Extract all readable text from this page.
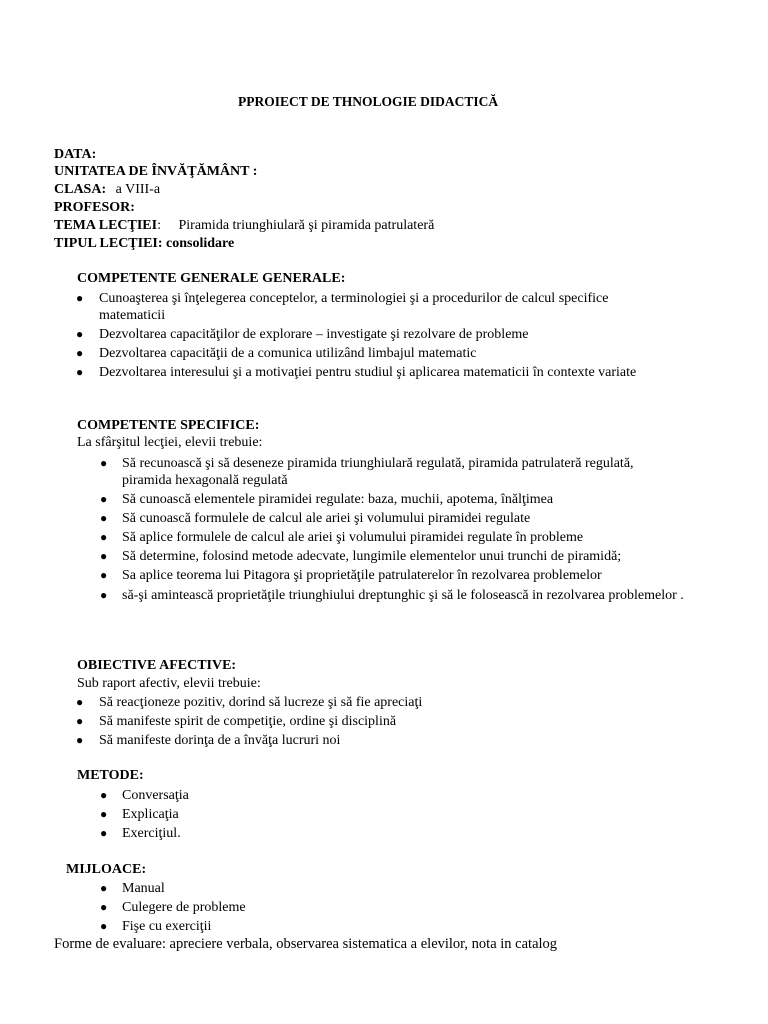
PPROIECT DE THNOLOGIE DIDACTICĂ
DATA:
UNITATEA DE ÎNVĂŢĂMÂNT :
CLASA: a VIII-a
PROFESOR:
TEMA LECŢIEI: Piramida triunghiulară şi piramida patrulateră
TIPUL LECŢIEI: consolidare
COMPETENTE GENERALE GENERALE:
● Cunoaşterea şi înţelegerea conceptelor, a terminologiei şi a procedurilor de calcul specifice
matematicii
● Dezvoltarea capacităţilor de explorare – investigate şi rezolvare de probleme
● Dezvoltarea capacităţii de a comunica utilizând limbajul matematic
● Dezvoltarea interesului şi a motivaţiei pentru studiul şi aplicarea matematicii în contexte variate
COMPETENTE SPECIFICE:
La sfârşitul lecţiei, elevii trebuie:
● Să recunoască şi să deseneze piramida triunghiulară regulată, piramida patrulateră regulată,
piramida hexagonală regulată
● Să cunoască elementele piramidei regulate: baza, muchii, apotema, înălţimea
● Să cunoască formulele de calcul ale ariei şi volumului piramidei regulate
● Să aplice formulele de calcul ale ariei şi volumului piramidei regulate în probleme
● Să determine, folosind metode adecvate, lungimile elementelor unui trunchi de piramidă;
● Sa aplice teorema lui Pitagora şi proprietăţile patrulaterelor în rezolvarea problemelor
● să-şi amintească proprietăţile triunghiului dreptunghic şi să le folosească in rezolvarea problemelor .
OBIECTIVE AFECTIVE:
Sub raport afectiv, elevii trebuie:
● Să reacţioneze pozitiv, dorind să lucreze şi să fie apreciaţi
● Să manifeste spirit de competiţie, ordine şi disciplină
● Să manifeste dorinţa de a învăţa lucruri noi
METODE:
● Conversaţia
● Explicaţia
● Exerciţiul.
MIJLOACE:
● Manual
● Culegere de probleme
● Fişe cu exerciţii
Forme de evaluare: apreciere verbala, observarea sistematica a elevilor, nota in catalog
